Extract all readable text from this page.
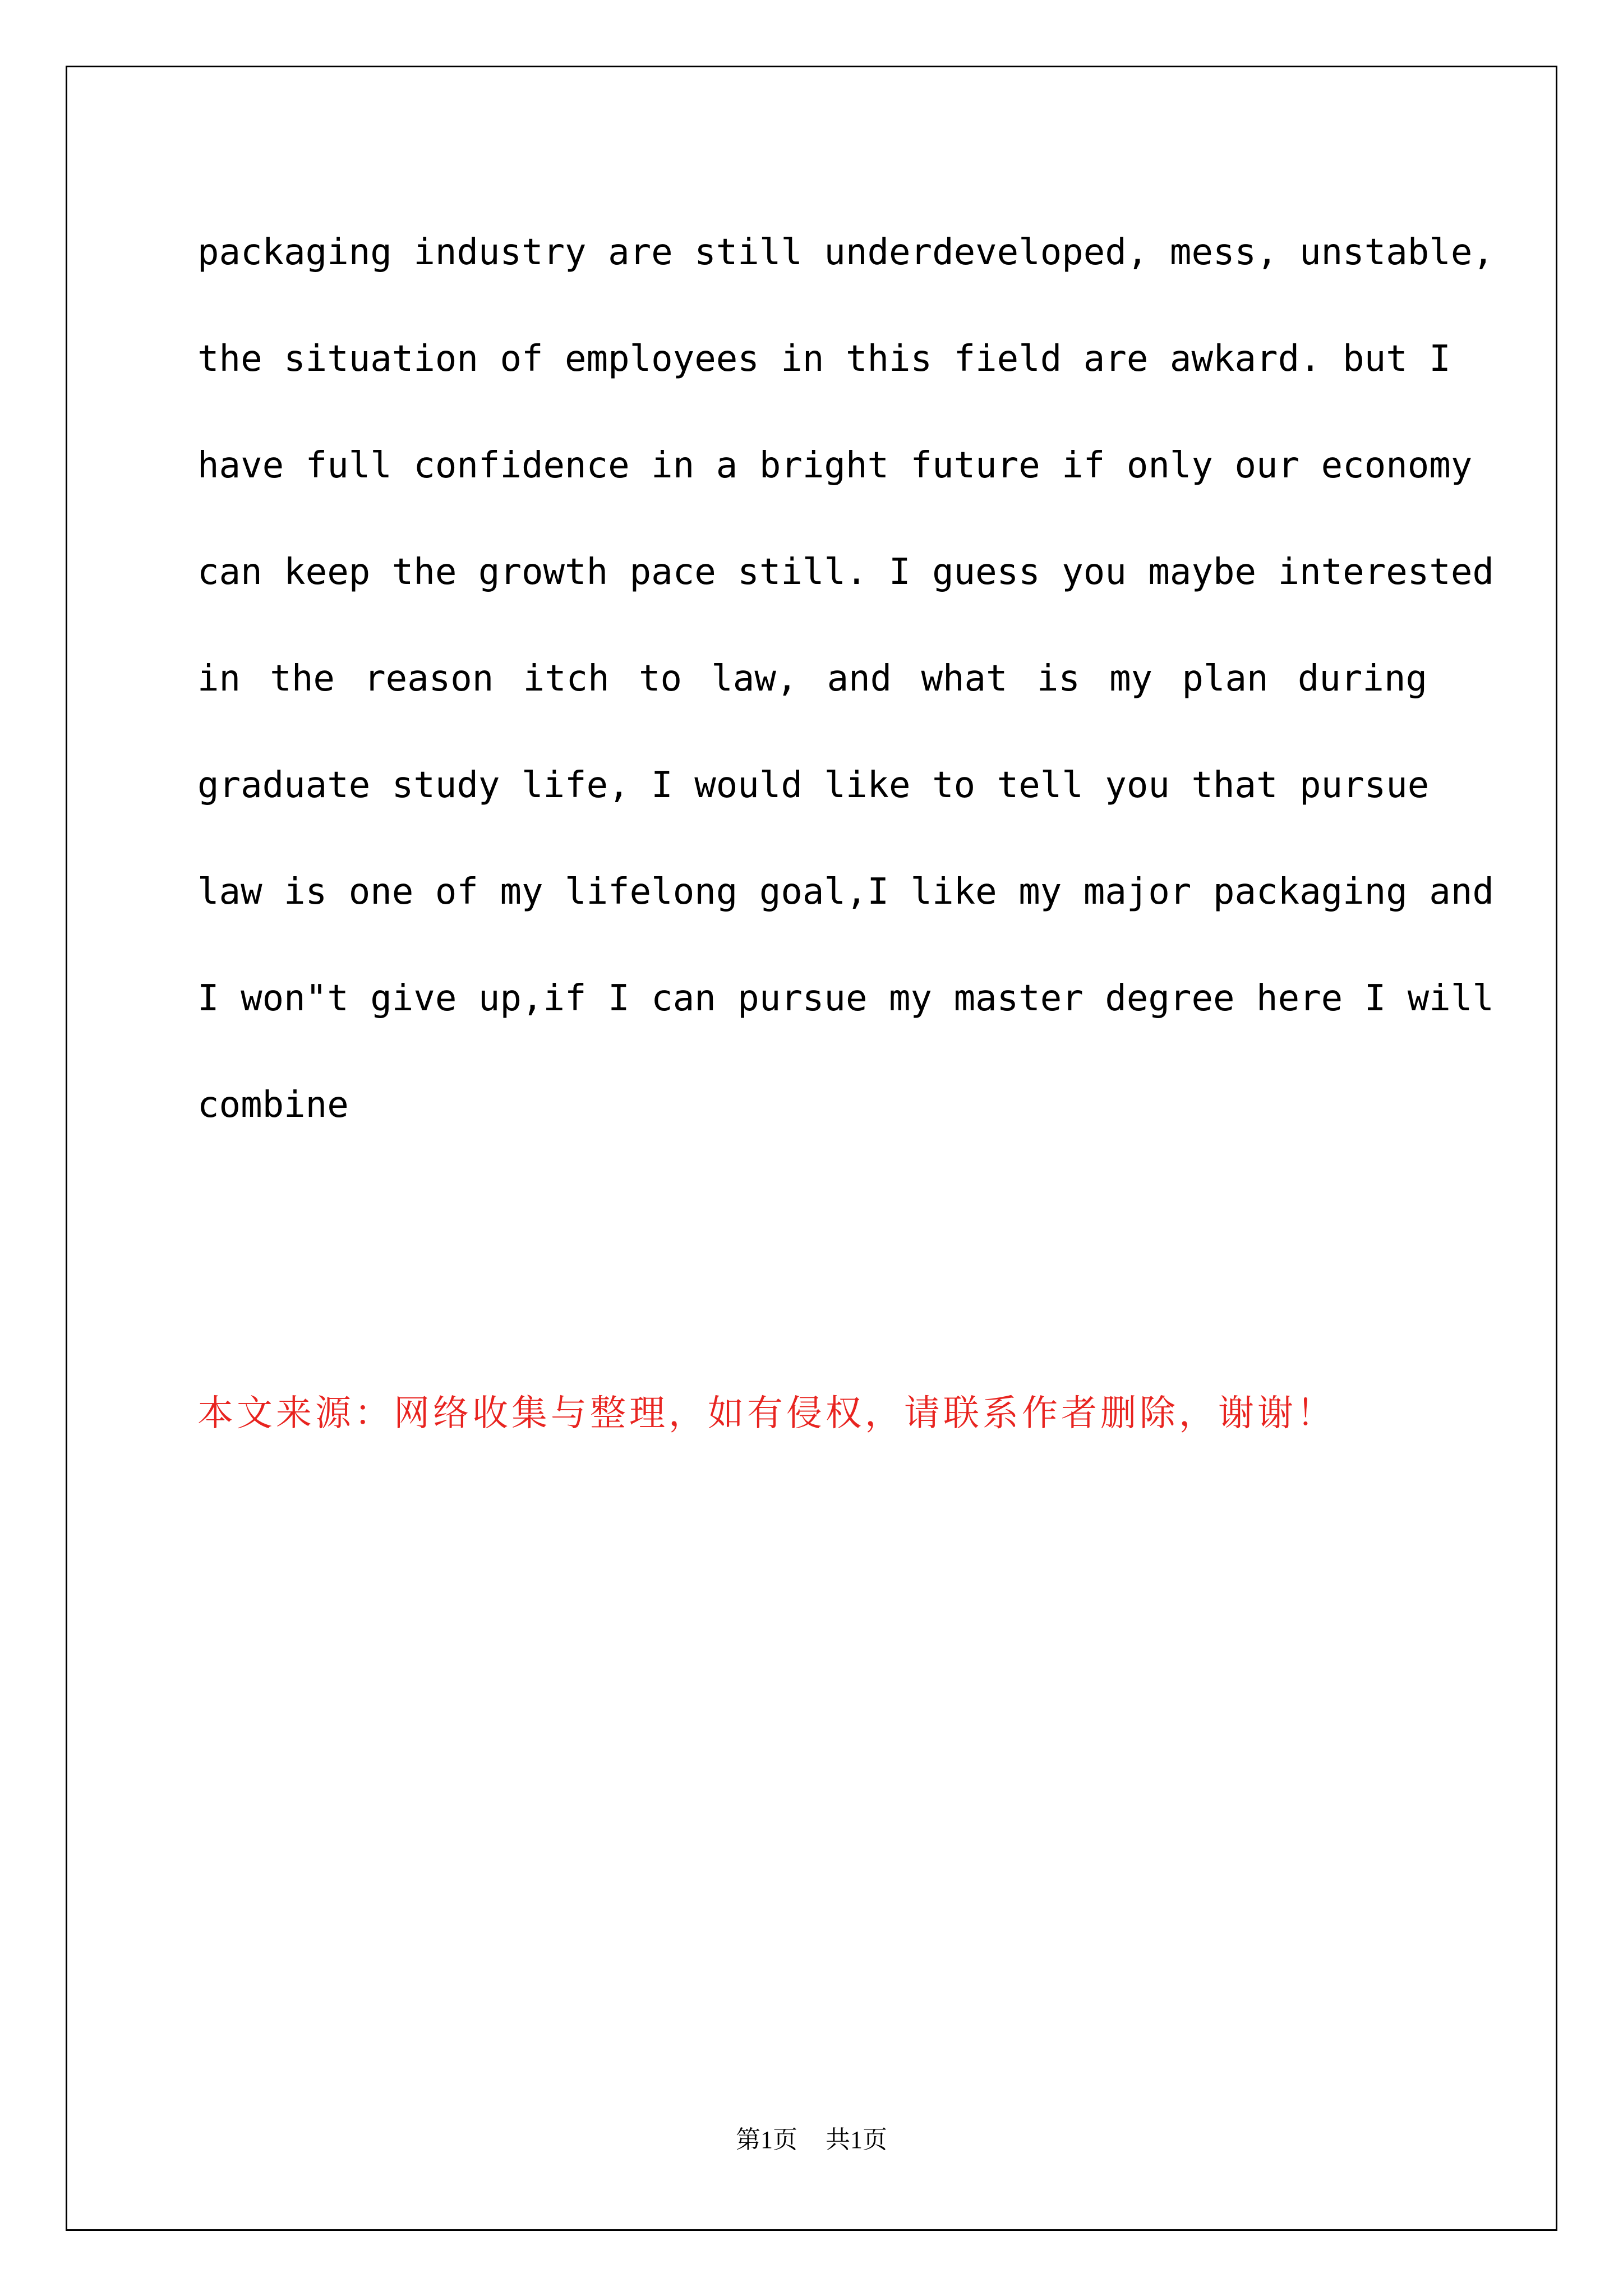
packaging industry are still underdeveloped, mess, unstable,
the situation of employees in this field are awkard. but I
have full confidence in a bright future if only our economy
can keep the growth pace still. I guess you maybe interested
in the reason itch to law, and what is my plan during
graduate study life, I would like to tell you that pursue
law is one of my lifelong goal,I like my major packaging and
I won"t give up,if I can pursue my master degree here I will
combine
本文来源：网络收集与整理，如有侵权，请联系作者删除，谢谢！
第1页 共1页
